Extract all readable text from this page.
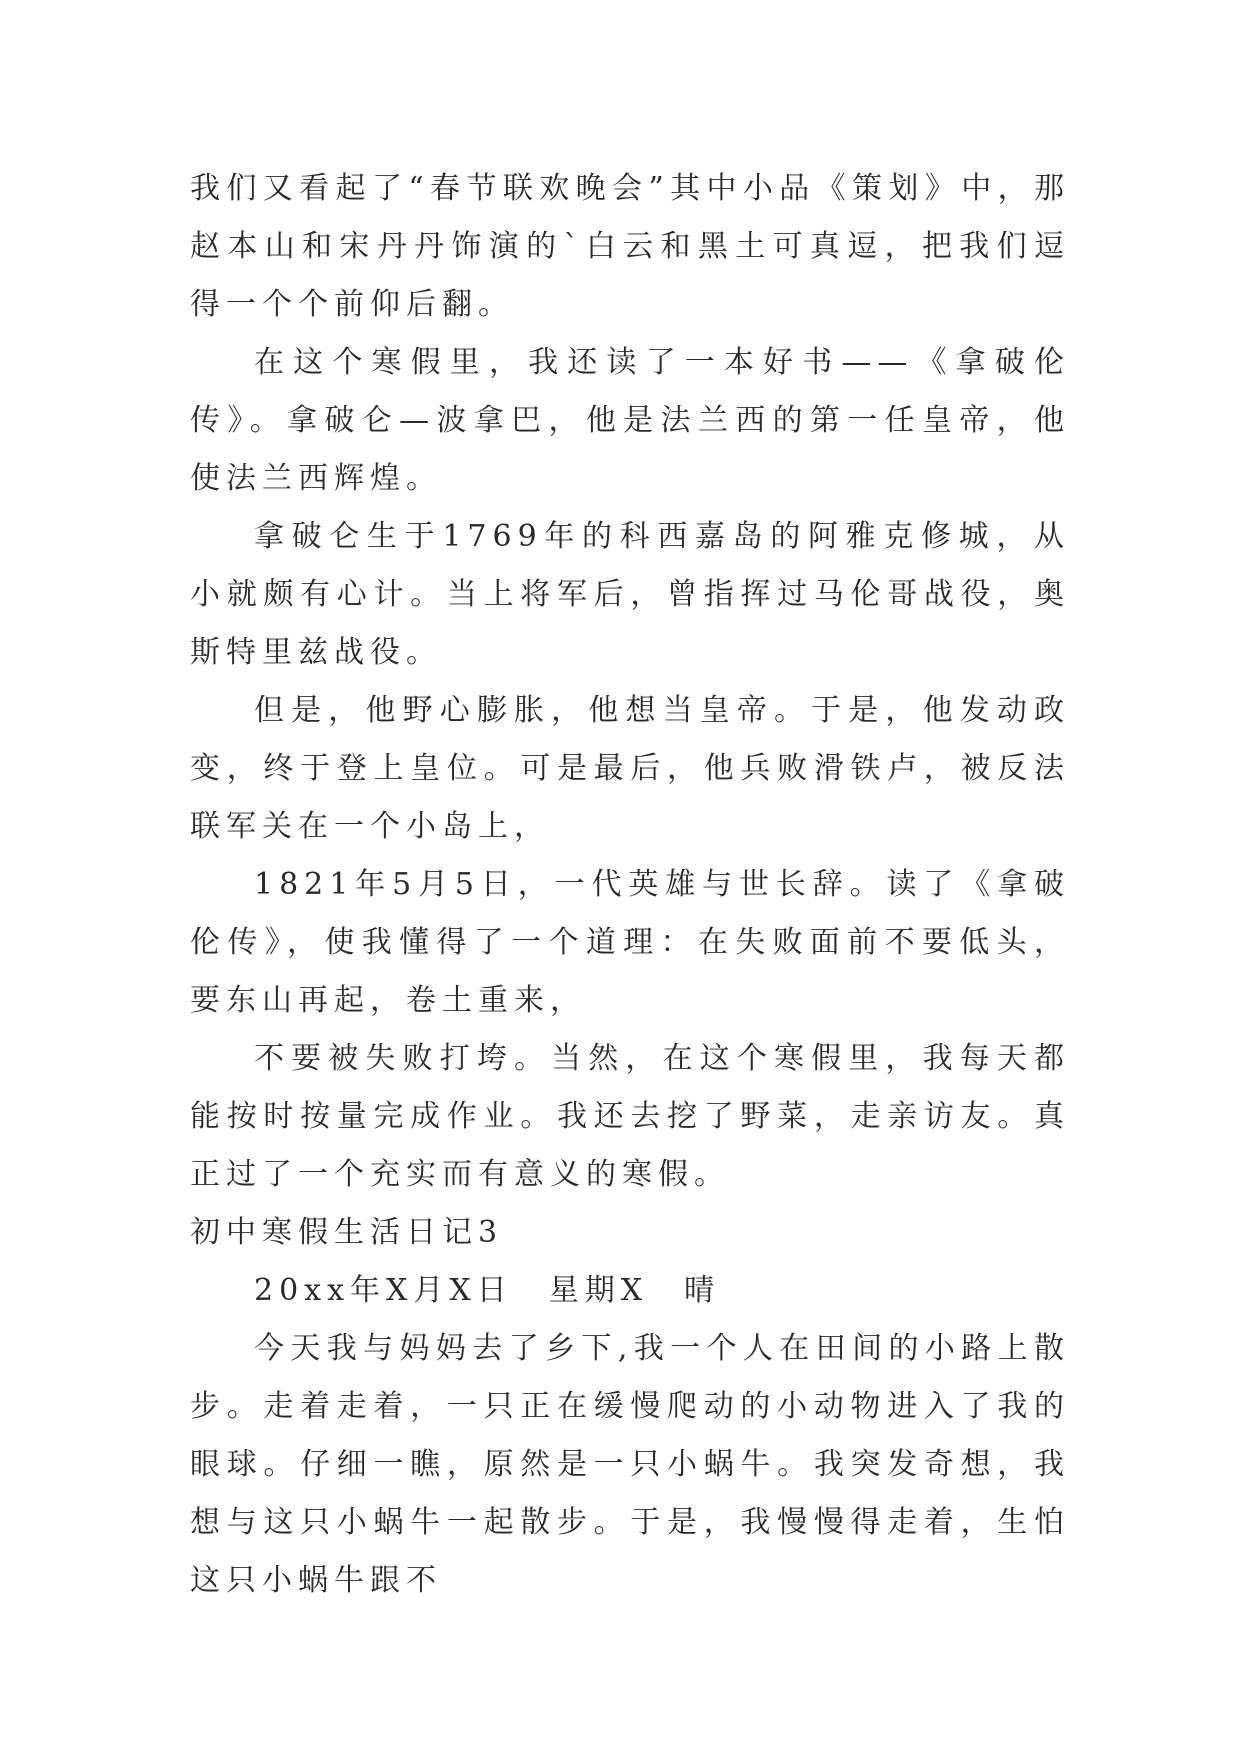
我们又看起了“春节联欢晚会”其中小品《策划》中，那赵本山和宋丹丹饰演的`白云和黑土可真逗，把我们逗得一个个前仰后翻。

在这个寒假里，我还读了一本好书——《拿破伦传》。拿破仑—波拿巴，他是法兰西的第一任皇帝，他使法兰西辉煌。

拿破仑生于1769年的科西嘉岛的阿雅克修城，从小就颇有心计。当上将军后，曾指挥过马伦哥战役，奥斯特里兹战役。

但是，他野心膨胀，他想当皇帝。于是，他发动政变，终于登上皇位。可是最后，他兵败滑铁卢，被反法联军关在一个小岛上，

1821年5月5日，一代英雄与世长辞。读了《拿破伦传》，使我懂得了一个道理：在失败面前不要低头，要东山再起，卷土重来，

不要被失败打垮。当然，在这个寒假里，我每天都能按时按量完成作业。我还去挖了野菜，走亲访友。真正过了一个充实而有意义的寒假。

初中寒假生活日记3

20xx年X月X日　星期X　晴

今天我与妈妈去了乡下,我一个人在田间的小路上散步。走着走着，一只正在缓慢爬动的小动物进入了我的眼球。仔细一瞧，原然是一只小蜗牛。我突发奇想，我想与这只小蜗牛一起散步。于是，我慢慢得走着，生怕这只小蜗牛跟不
